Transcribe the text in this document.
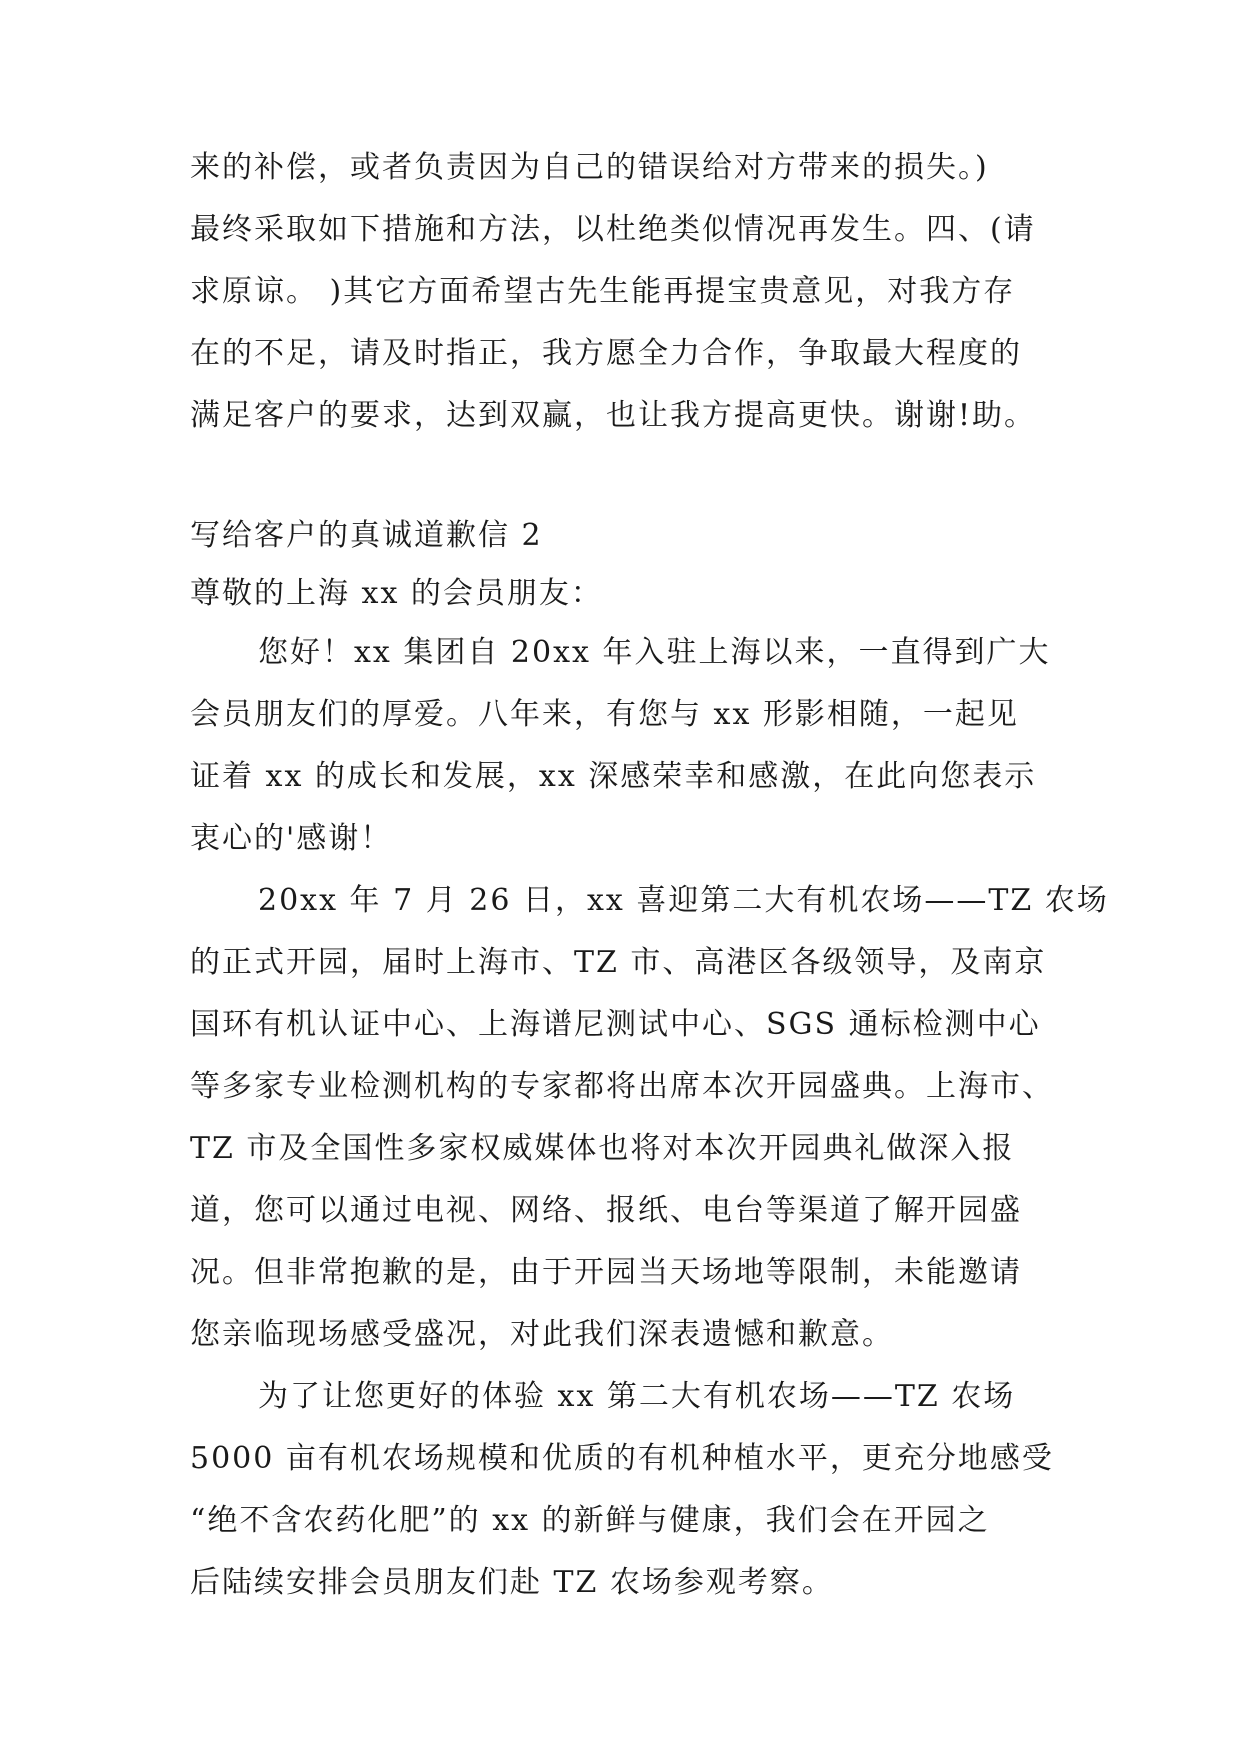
来的补偿，或者负责因为自己的错误给对方带来的损失。)
最终采取如下措施和方法，以杜绝类似情况再发生。四、(请
求原谅。 )其它方面希望古先生能再提宝贵意见，对我方存
在的不足，请及时指正，我方愿全力合作，争取最大程度的
满足客户的要求，达到双赢，也让我方提高更快。谢谢!助。
写给客户的真诚道歉信 2
尊敬的上海 xx 的会员朋友：
您好！xx 集团自 20xx 年入驻上海以来，一直得到广大
会员朋友们的厚爱。八年来，有您与 xx 形影相随，一起见
证着 xx 的成长和发展，xx 深感荣幸和感激，在此向您表示
衷心的'感谢！
20xx 年 7 月 26 日，xx 喜迎第二大有机农场——TZ 农场
的正式开园，届时上海市、TZ 市、高港区各级领导，及南京
国环有机认证中心、上海谱尼测试中心、SGS 通标检测中心
等多家专业检测机构的专家都将出席本次开园盛典。上海市、
TZ 市及全国性多家权威媒体也将对本次开园典礼做深入报
道，您可以通过电视、网络、报纸、电台等渠道了解开园盛
况。但非常抱歉的是，由于开园当天场地等限制，未能邀请
您亲临现场感受盛况，对此我们深表遗憾和歉意。
为了让您更好的体验 xx 第二大有机农场——TZ 农场
5000 亩有机农场规模和优质的有机种植水平，更充分地感受
“绝不含农药化肥”的 xx 的新鲜与健康，我们会在开园之
后陆续安排会员朋友们赴 TZ 农场参观考察。
